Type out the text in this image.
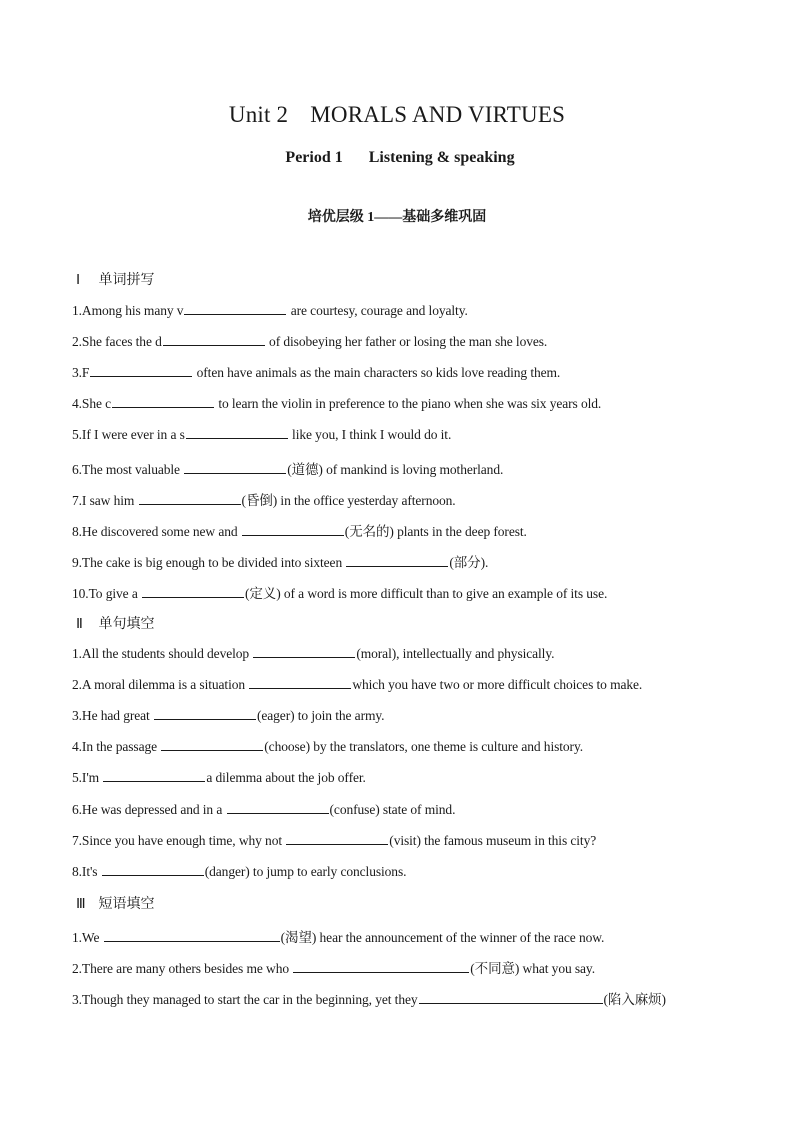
Unit 2 MORALS AND VIRTUES
Period 1 Listening & speaking
培优层级 1——基础多维巩固
Ⅰ 单词拼写
1.Among his many v	are courtesy, courage and loyalty.
2.She faces the d	of disobeying her father or losing the man she loves.
3.F	often have animals as the main characters so kids love reading them.
4.She c	to learn the violin in preference to the piano when she was six years old.
5.If I were ever in a s	like you, I think I would do it.
6.The most valuable	(道德) of mankind is loving motherland.
7.I saw him	(昏倒) in the office yesterday afternoon.
8.He discovered some new and	(无名的) plants in the deep forest.
9.The cake is big enough to be divided into sixteen	(部分).
10.To give a	(定义) of a word is more difficult than to give an example of its use.
Ⅱ 单句填空
1.All the students should develop	(moral), intellectually and physically.
2.A moral dilemma is a situation	which you have two or more difficult choices to make.
3.He had great	(eager) to join the army.
4.In the passage	(choose) by the translators, one theme is culture and history.
5.I'm	a dilemma about the job offer.
6.He was depressed and in a	(confuse) state of mind.
7.Since you have enough time, why not	(visit) the famous museum in this city?
8.It's	(danger) to jump to early conclusions.
Ⅲ 短语填空
1.We	(渴望) hear the announcement of the winner of the race now.
2.There are many others besides me who	(不同意) what you say.
3.Though they managed to start the car in the beginning, yet they	(陷入麻烦)
